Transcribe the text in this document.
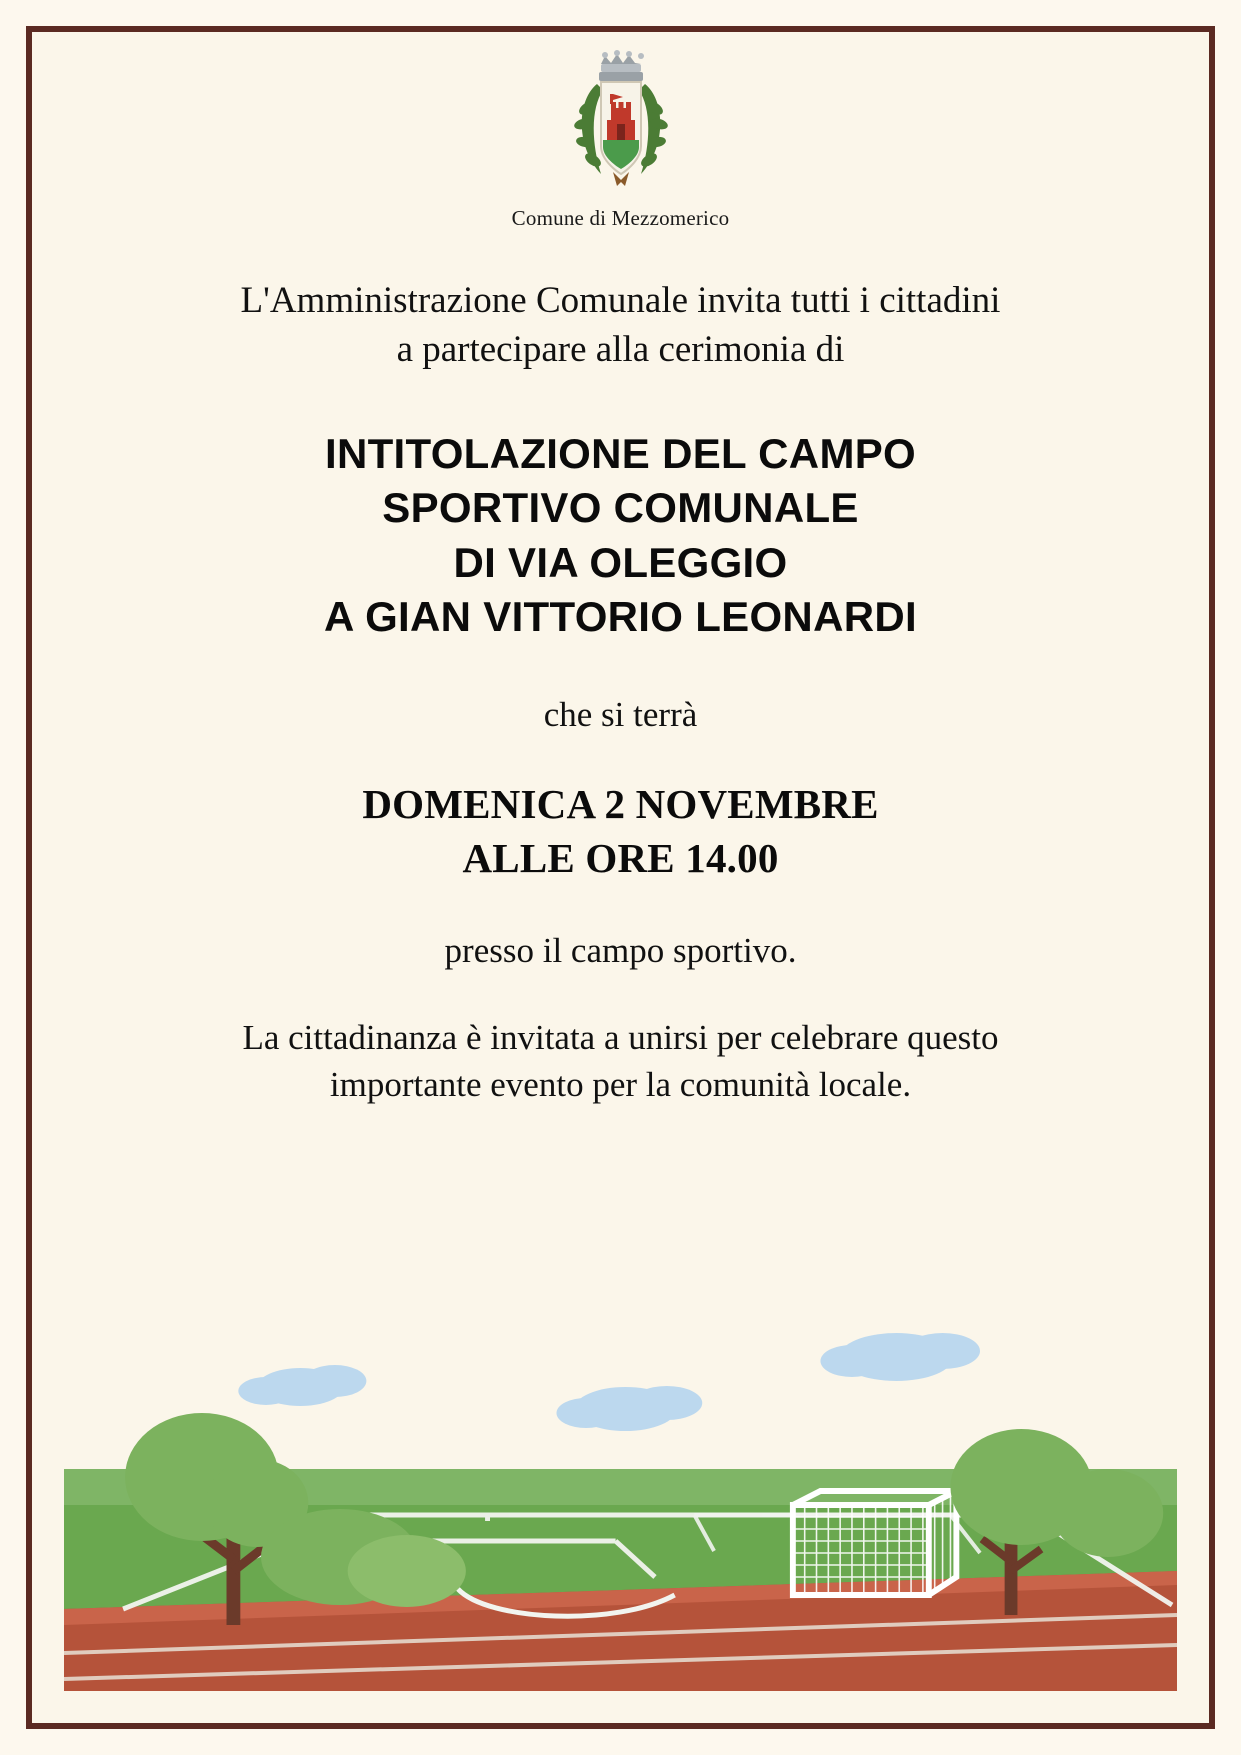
Comune di Mezzomerico
L'Amministrazione Comunale invita tutti i cittadini
a partecipare alla cerimonia di
INTITOLAZIONE DEL CAMPO
SPORTIVO COMUNALE
DI VIA OLEGGIO
A GIAN VITTORIO LEONARDI
che si terrà
DOMENICA 2 NOVEMBRE
ALLE ORE 14.00
presso il campo sportivo.
La cittadinanza è invitata a unirsi per celebrare questo
importante evento per la comunità locale.
